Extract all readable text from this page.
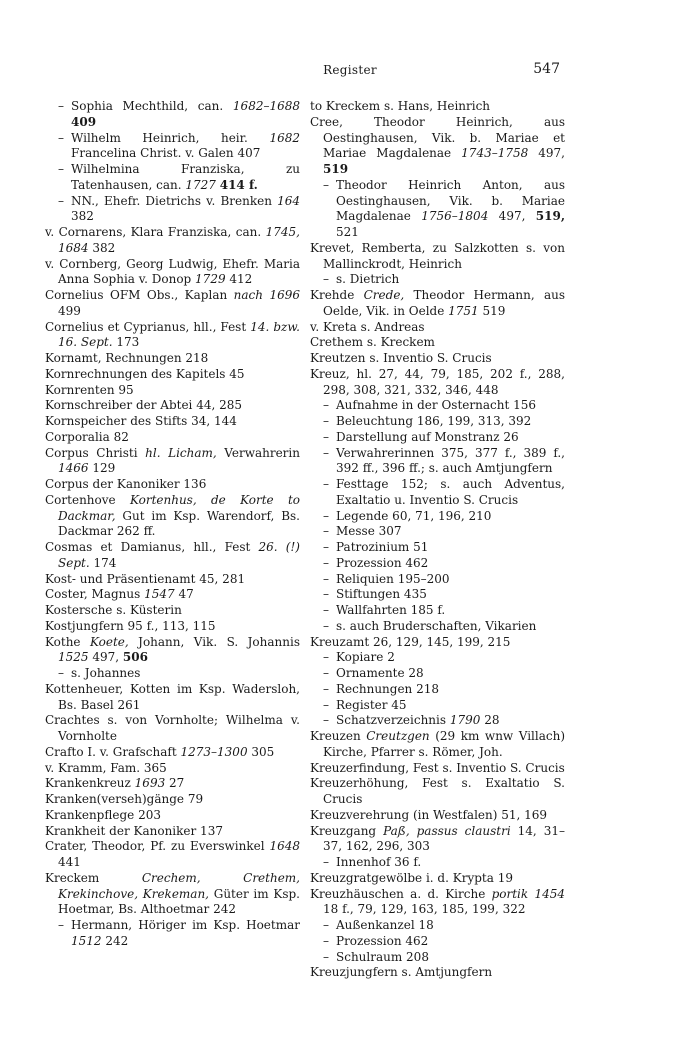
Register	547

– Sophia Mechthild, can. 1682–1688 409

– Wilhelm Heinrich, heir. 1682 Francelina Christ. v. Galen 407

– Wilhelmina Franziska, zu Tatenhausen, can. 1727 414 f.

– NN., Ehefr. Dietrichs v. Brenken 164 382

v. Cornarens, Klara Franziska, can. 1745, 1684 382

v. Cornberg, Georg Ludwig, Ehefr. Maria Anna Sophia v. Donop 1729 412

Cornelius OFM Obs., Kaplan nach 1696 499

Cornelius et Cyprianus, hll., Fest 14. bzw. 16. Sept. 173

Kornamt, Rechnungen 218

Kornrechnungen des Kapitels 45

Kornrenten 95

Kornschreiber der Abtei 44, 285

Kornspeicher des Stifts 34, 144

Corporalia 82

Corpus Christi hl. Licham, Verwahrerin 1466 129

Corpus der Kanoniker 136

Cortenhove Kortenhus, de Korte to Dackmar, Gut im Ksp. Warendorf, Bs. Dackmar 262 ff.

Cosmas et Damianus, hll., Fest 26. (!) Sept. 174

Kost- und Präsentienamt 45, 281

Coster, Magnus 1547 47

Kostersche s. Küsterin

Kostjungfern 95 f., 113, 115

Kothe Koete, Johann, Vik. S. Johannis 1525 497, 506

– s. Johannes

Kottenheuer, Kotten im Ksp. Wadersloh, Bs. Basel 261

Crachtes s. von Vornholte; Wilhelma v. Vornholte

Crafto I. v. Grafschaft 1273–1300 305

v. Kramm, Fam. 365

Krankenkreuz 1693 27

Kranken(verseh)gänge 79

Krankenpflege 203

Krankheit der Kanoniker 137

Crater, Theodor, Pf. zu Everswinkel 1648 441

Kreckem Crechem, Crethem, Krekinchove, Krekeman, Güter im Ksp. Hoetmar, Bs. Althoetmar 242

– Hermann, Höriger im Ksp. Hoetmar 1512 242

to Kreckem s. Hans, Heinrich

Cree, Theodor Heinrich, aus Oestinghausen, Vik. b. Mariae et Mariae Magdalenae 1743–1758 497, 519

– Theodor Heinrich Anton, aus Oestinghausen, Vik. b. Mariae Magdalenae 1756–1804 497, 519, 521

Krevet, Remberta, zu Salzkotten s. von Mallinckrodt, Heinrich

– s. Dietrich

Krehde Crede, Theodor Hermann, aus Oelde, Vik. in Oelde 1751 519

v. Kreta s. Andreas

Crethem s. Kreckem

Kreutzen s. Inventio S. Crucis

Kreuz, hl. 27, 44, 79, 185, 202 f., 288, 298, 308, 321, 332, 346, 448

– Aufnahme in der Osternacht 156

– Beleuchtung 186, 199, 313, 392

– Darstellung auf Monstranz 26

– Verwahrerinnen 375, 377 f., 389 f., 392 ff., 396 ff.; s. auch Amtjungfern

– Festtage 152; s. auch Adventus, Exaltatio u. Inventio S. Crucis

– Legende 60, 71, 196, 210

– Messe 307

– Patrozinium 51

– Prozession 462

– Reliquien 195–200

– Stiftungen 435

– Wallfahrten 185 f.

– s. auch Bruderschaften, Vikarien

Kreuzamt 26, 129, 145, 199, 215

– Kopiare 2

– Ornamente 28

– Rechnungen 218

– Register 45

– Schatzverzeichnis 1790 28

Kreuzen Creutzgen (29 km wnw Villach) Kirche, Pfarrer s. Römer, Joh.

Kreuzerfindung, Fest s. Inventio S. Crucis

Kreuzerhöhung, Fest s. Exaltatio S. Crucis

Kreuzverehrung (in Westfalen) 51, 169

Kreuzgang Paß, passus claustri 14, 31–37, 162, 296, 303

– Innenhof 36 f.

Kreuzgratgewölbe i. d. Krypta 19

Kreuzhäuschen a. d. Kirche portik 1454 18 f., 79, 129, 163, 185, 199, 322

– Außenkanzel 18

– Prozession 462

– Schulraum 208

Kreuzjungfern s. Amtjungfern
